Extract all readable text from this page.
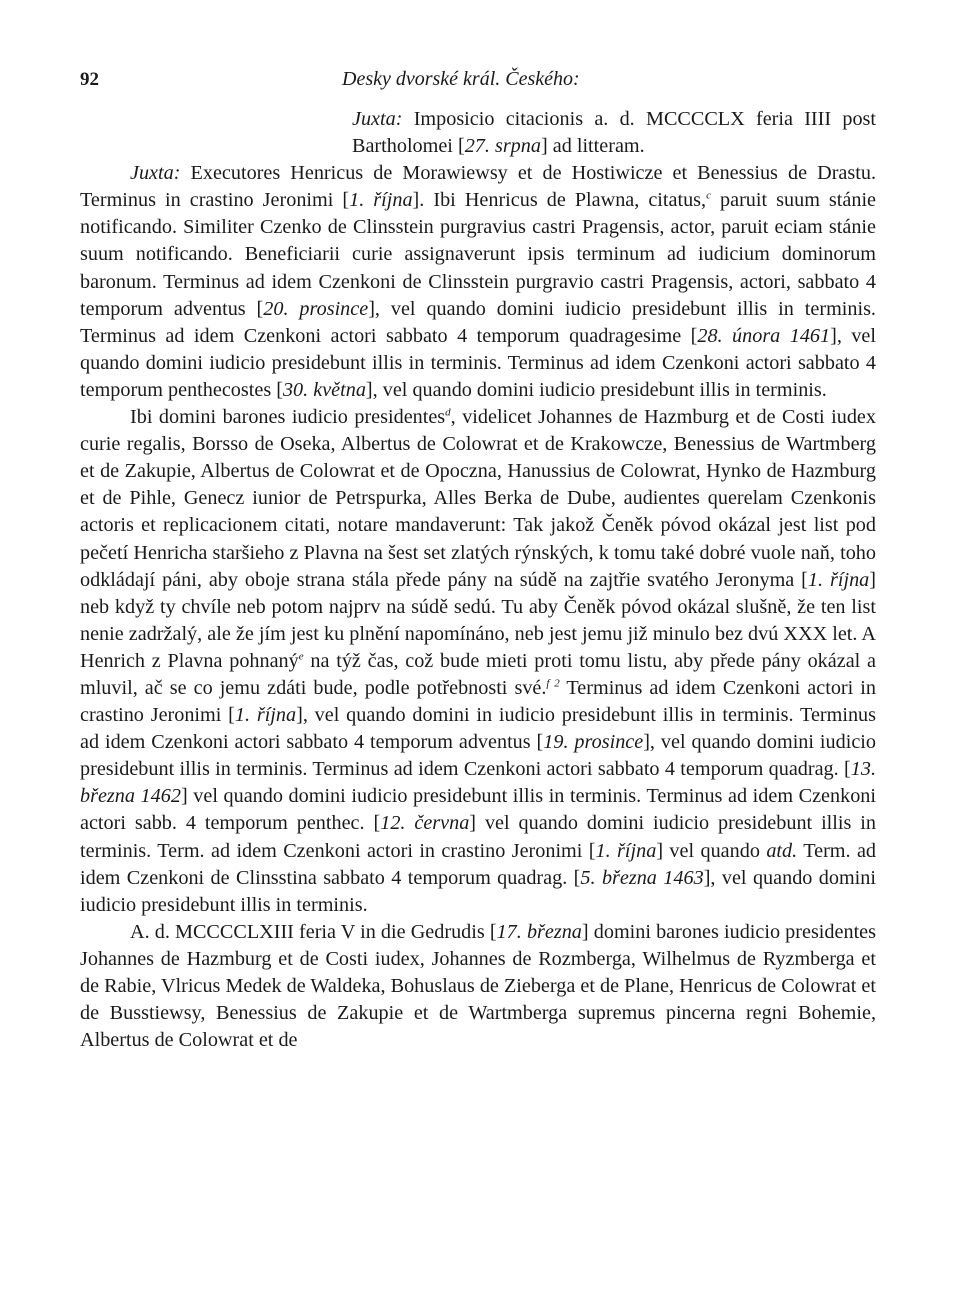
92	Desky dvorské král. Českého:

Juxta: Imposicio citacionis a. d. MCCCCLX feria IIII post Bartholomei [27. srpna] ad litteram.

Juxta: Executores Henricus de Morawiewsy et de Hostiwicze et Benessius de Drastu. Terminus in crastino Jeronimi [1. října]. Ibi Henricus de Plawna, citatus,$^c$ paruit suum stánie notificando. Similiter Czenko de Clinsstein purgravius castri Pragensis, actor, paruit eciam stánie suum notificando. Beneficiarii curie assignaverunt ipsis terminum ad iudicium dominorum baronum. Terminus ad idem Czenkoni de Clinsstein purgravio castri Pragensis, actori, sabbato 4 temporum adventus [20. prosince], vel quando domini iudicio presidebunt illis in terminis. Terminus ad idem Czenkoni actori sabbato 4 temporum quadragesime [28. února 1461], vel quando domini iudicio presidebunt illis in terminis. Terminus ad idem Czenkoni actori sabbato 4 temporum penthecostes [30. května], vel quando domini iudicio presidebunt illis in terminis.

Ibi domini barones iudicio presidentes$^d$, videlicet Johannes de Hazmburg et de Costi iudex curie regalis, Borsso de Oseka, Albertus de Colowrat et de Krakowcze, Benessius de Wartmberg et de Zakupie, Albertus de Colowrat et de Opoczna, Hanussius de Colowrat, Hynko de Hazmburg et de Pihle, Genecz iunior de Petrspurka, Alles Berka de Dube, audientes querelam Czenkonis actoris et replicacionem citati, notare mandaverunt: Tak jakož Čeněk póvod okázal jest list pod pečetí Henricha staršieho z Plavna na šest set zlatých rýnských, k tomu také dobré vuole naň, toho odkládají páni, aby oboje strana stála přede pány na súdě na zajtřie svatého Jeronyma [1. října] neb když ty chvíle neb potom najprv na súdě sedú. Tu aby Čeněk póvod okázal slušně, že ten list nenie zadržalý, ale že jím jest ku plnění napomínáno, neb jest jemu již minulo bez dvú XXX let. A Henrich z Plavna pohnaný$^e$ na týž čas, což bude mieti proti tomu listu, aby přede pány okázal a mluvil, ač se co jemu zdáti bude, podle potřebnosti své.$^{f 2}$ Terminus ad idem Czenkoni actori in crastino Jeronimi [1. října], vel quando domini in iudicio presidebunt illis in terminis. Terminus ad idem Czenkoni actori sabbato 4 temporum adventus [19. prosince], vel quando domini iudicio presidebunt illis in terminis. Terminus ad idem Czenkoni actori sabbato 4 temporum quadrag. [13. března 1462] vel quando domini iudicio presidebunt illis in terminis. Terminus ad idem Czenkoni actori sabb. 4 temporum penthec. [12. června] vel quando domini iudicio presidebunt illis in terminis. Term. ad idem Czenkoni actori in crastino Jeronimi [1. října] vel quando atd. Term. ad idem Czenkoni de Clinsstina sabbato 4 temporum quadrag. [5. března 1463], vel quando domini iudicio presidebunt illis in terminis.

A. d. MCCCCLXIII feria V in die Gedrudis [17. března] domini barones iudicio presidentes Johannes de Hazmburg et de Costi iudex, Johannes de Rozmberga, Wilhelmus de Ryzmberga et de Rabie, Vlricus Medek de Waldeka, Bohuslaus de Zieberga et de Plane, Henricus de Colowrat et de Busstiewsy, Benessius de Zakupie et de Wartmberga supremus pincerna regni Bohemie, Albertus de Colowrat et de
